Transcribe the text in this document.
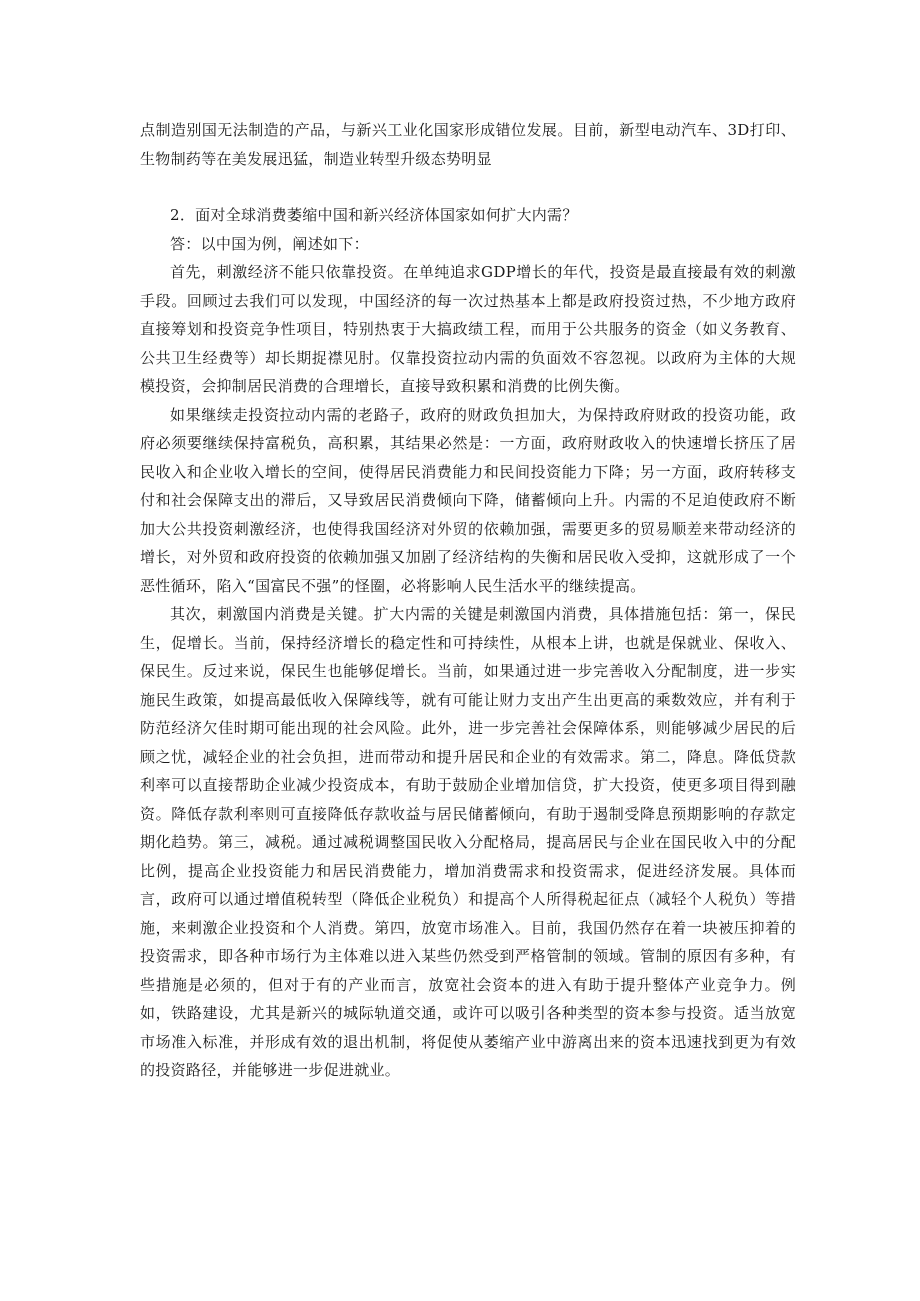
点制造别国无法制造的产品，与新兴工业化国家形成错位发展。目前，新型电动汽车、3D打印、生物制药等在美发展迅猛，制造业转型升级态势明显

2．面对全球消费萎缩中国和新兴经济体国家如何扩大内需？

答：以中国为例，阐述如下：

首先，刺激经济不能只依靠投资。在单纯追求GDP增长的年代，投资是最直接最有效的刺激手段。回顾过去我们可以发现，中国经济的每一次过热基本上都是政府投资过热，不少地方政府直接筹划和投资竞争性项目，特别热衷于大搞政绩工程，而用于公共服务的资金（如义务教育、公共卫生经费等）却长期捉襟见肘。仅靠投资拉动内需的负面效不容忽视。以政府为主体的大规模投资，会抑制居民消费的合理增长，直接导致积累和消费的比例失衡。

如果继续走投资拉动内需的老路子，政府的财政负担加大，为保持政府财政的投资功能，政府必须要继续保持富税负，高积累，其结果必然是：一方面，政府财政收入的快速增长挤压了居民收入和企业收入增长的空间，使得居民消费能力和民间投资能力下降；另一方面，政府转移支付和社会保障支出的滞后，又导致居民消费倾向下降，储蓄倾向上升。内需的不足迫使政府不断加大公共投资刺激经济，也使得我国经济对外贸的依赖加强，需要更多的贸易顺差来带动经济的增长，对外贸和政府投资的依赖加强又加剧了经济结构的失衡和居民收入受抑，这就形成了一个恶性循环，陷入“国富民不强”的怪圈，必将影响人民生活水平的继续提高。

其次，刺激国内消费是关键。扩大内需的关键是刺激国内消费，具体措施包括：第一，保民生，促增长。当前，保持经济增长的稳定性和可持续性，从根本上讲，也就是保就业、保收入、保民生。反过来说，保民生也能够促增长。当前，如果通过进一步完善收入分配制度，进一步实施民生政策，如提高最低收入保障线等，就有可能让财力支出产生出更高的乘数效应，并有利于防范经济欠佳时期可能出现的社会风险。此外，进一步完善社会保障体系，则能够减少居民的后顾之忧，减轻企业的社会负担，进而带动和提升居民和企业的有效需求。第二，降息。降低贷款利率可以直接帮助企业减少投资成本，有助于鼓励企业增加信贷，扩大投资，使更多项目得到融资。降低存款利率则可直接降低存款收益与居民储蓄倾向，有助于遏制受降息预期影响的存款定期化趋势。第三，减税。通过减税调整国民收入分配格局，提高居民与企业在国民收入中的分配比例，提高企业投资能力和居民消费能力，增加消费需求和投资需求，促进经济发展。具体而言，政府可以通过增值税转型（降低企业税负）和提高个人所得税起征点（减轻个人税负）等措施，来刺激企业投资和个人消费。第四，放宽市场准入。目前，我国仍然存在着一块被压抑着的投资需求，即各种市场行为主体难以进入某些仍然受到严格管制的领域。管制的原因有多种，有些措施是必须的，但对于有的产业而言，放宽社会资本的进入有助于提升整体产业竞争力。例如，铁路建设，尤其是新兴的城际轨道交通，或许可以吸引各种类型的资本参与投资。适当放宽市场准入标准，并形成有效的退出机制，将促使从萎缩产业中游离出来的资本迅速找到更为有效的投资路径，并能够进一步促进就业。
